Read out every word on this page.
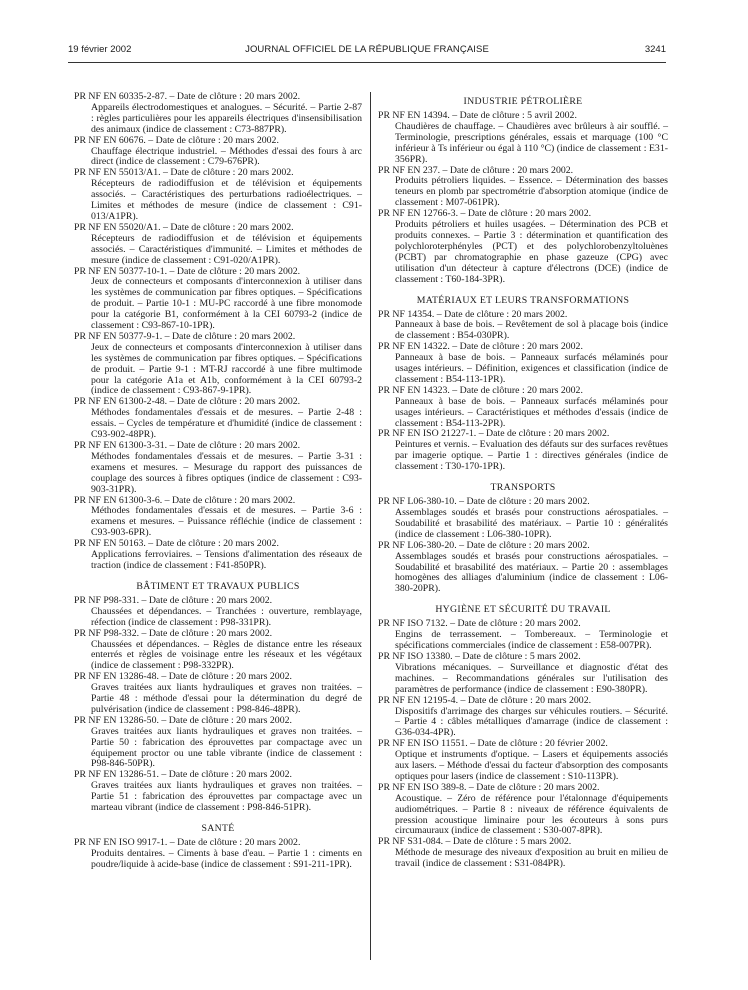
19 février 2002	JOURNAL OFFICIEL DE LA RÉPUBLIQUE FRANÇAISE	3241
PR NF EN 60335-2-87. – Date de clôture : 20 mars 2002.
Appareils électrodomestiques et analogues. – Sécurité. – Partie 2-87 : règles particulières pour les appareils électriques d'insensibilisation des animaux (indice de classement : C73-887PR).
PR NF EN 60676. – Date de clôture : 20 mars 2002.
Chauffage électrique industriel. – Méthodes d'essai des fours à arc direct (indice de classement : C79-676PR).
PR NF EN 55013/A1. – Date de clôture : 20 mars 2002.
Récepteurs de radiodiffusion et de télévision et équipements associés. – Caractéristiques des perturbations radioélectriques. – Limites et méthodes de mesure (indice de classement : C91-013/A1PR).
PR NF EN 55020/A1. – Date de clôture : 20 mars 2002.
Récepteurs de radiodiffusion et de télévision et équipements associés. – Caractéristiques d'immunité. – Limites et méthodes de mesure (indice de classement : C91-020/A1PR).
PR NF EN 50377-10-1. – Date de clôture : 20 mars 2002.
Jeux de connecteurs et composants d'interconnexion à utiliser dans les systèmes de communication par fibres optiques. – Spécifications de produit. – Partie 10-1 : MU-PC raccordé à une fibre monomode pour la catégorie B1, conformément à la CEI 60793-2 (indice de classement : C93-867-10-1PR).
PR NF EN 50377-9-1. – Date de clôture : 20 mars 2002.
Jeux de connecteurs et composants d'interconnexion à utiliser dans les systèmes de communication par fibres optiques. – Spécifications de produit. – Partie 9-1 : MT-RJ raccordé à une fibre multimode pour la catégorie A1a et A1b, conformément à la CEI 60793-2 (indice de classement : C93-867-9-1PR).
PR NF EN 61300-2-48. – Date de clôture : 20 mars 2002.
Méthodes fondamentales d'essais et de mesures. – Partie 2-48 : essais. – Cycles de température et d'humidité (indice de classement : C93-902-48PR).
PR NF EN 61300-3-31. – Date de clôture : 20 mars 2002.
Méthodes fondamentales d'essais et de mesures. – Partie 3-31 : examens et mesures. – Mesurage du rapport des puissances de couplage des sources à fibres optiques (indice de classement : C93-903-31PR).
PR NF EN 61300-3-6. – Date de clôture : 20 mars 2002.
Méthodes fondamentales d'essais et de mesures. – Partie 3-6 : examens et mesures. – Puissance réfléchie (indice de classement : C93-903-6PR).
PR NF EN 50163. – Date de clôture : 20 mars 2002.
Applications ferroviaires. – Tensions d'alimentation des réseaux de traction (indice de classement : F41-850PR).
BÂTIMENT ET TRAVAUX PUBLICS
PR NF P98-331. – Date de clôture : 20 mars 2002.
Chaussées et dépendances. – Tranchées : ouverture, remblayage, réfection (indice de classement : P98-331PR).
PR NF P98-332. – Date de clôture : 20 mars 2002.
Chaussées et dépendances. – Règles de distance entre les réseaux enterrés et règles de voisinage entre les réseaux et les végétaux (indice de classement : P98-332PR).
PR NF EN 13286-48. – Date de clôture : 20 mars 2002.
Graves traitées aux liants hydrauliques et graves non traitées. – Partie 48 : méthode d'essai pour la détermination du degré de pulvérisation (indice de classement : P98-846-48PR).
PR NF EN 13286-50. – Date de clôture : 20 mars 2002.
Graves traitées aux liants hydrauliques et graves non traitées. – Partie 50 : fabrication des éprouvettes par compactage avec un équipement proctor ou une table vibrante (indice de classement : P98-846-50PR).
PR NF EN 13286-51. – Date de clôture : 20 mars 2002.
Graves traitées aux liants hydrauliques et graves non traitées. – Partie 51 : fabrication des éprouvettes par compactage avec un marteau vibrant (indice de classement : P98-846-51PR).
SANTÉ
PR NF EN ISO 9917-1. – Date de clôture : 20 mars 2002.
Produits dentaires. – Ciments à base d'eau. – Partie 1 : ciments en poudre/liquide à acide-base (indice de classement : S91-211-1PR).
INDUSTRIE PÉTROLIÈRE
PR NF EN 14394. – Date de clôture : 5 avril 2002.
Chaudières de chauffage. – Chaudières avec brûleurs à air soufflé. – Terminologie, prescriptions générales, essais et marquage (100 °C inférieur à Ts inférieur ou égal à 110 °C) (indice de classement : E31-356PR).
PR NF EN 237. – Date de clôture : 20 mars 2002.
Produits pétroliers liquides. – Essence. – Détermination des basses teneurs en plomb par spectrométrie d'absorption atomique (indice de classement : M07-061PR).
PR NF EN 12766-3. – Date de clôture : 20 mars 2002.
Produits pétroliers et huiles usagées. – Détermination des PCB et produits connexes. – Partie 3 : détermination et quantification des polychloroterphényles (PCT) et des polychlorobenzyltoluènes (PCBT) par chromatographie en phase gazeuze (CPG) avec utilisation d'un détecteur à capture d'électrons (DCE) (indice de classement : T60-184-3PR).
MATÉRIAUX ET LEURS TRANSFORMATIONS
PR NF 14354. – Date de clôture : 20 mars 2002.
Panneaux à base de bois. – Revêtement de sol à placage bois (indice de classement : B54-030PR).
PR NF EN 14322. – Date de clôture : 20 mars 2002.
Panneaux à base de bois. – Panneaux surfacés mélaminés pour usages intérieurs. – Définition, exigences et classification (indice de classement : B54-113-1PR).
PR NF EN 14323. – Date de clôture : 20 mars 2002.
Panneaux à base de bois. – Panneaux surfacés mélaminés pour usages intérieurs. – Caractéristiques et méthodes d'essais (indice de classement : B54-113-2PR).
PR NF EN ISO 21227-1. – Date de clôture : 20 mars 2002.
Peintures et vernis. – Evaluation des défauts sur des surfaces revêtues par imagerie optique. – Partie 1 : directives générales (indice de classement : T30-170-1PR).
TRANSPORTS
PR NF L06-380-10. – Date de clôture : 20 mars 2002.
Assemblages soudés et brasés pour constructions aérospatiales. – Soudabilité et brasabilité des matériaux. – Partie 10 : généralités (indice de classement : L06-380-10PR).
PR NF L06-380-20. – Date de clôture : 20 mars 2002.
Assemblages soudés et brasés pour constructions aérospatiales. – Soudabilité et brasabilité des matériaux. – Partie 20 : assemblages homogènes des alliages d'aluminium (indice de classement : L06-380-20PR).
HYGIÈNE ET SÉCURITÉ DU TRAVAIL
PR NF ISO 7132. – Date de clôture : 20 mars 2002.
Engins de terrassement. – Tombereaux. – Terminologie et spécifications commerciales (indice de classement : E58-007PR).
PR NF ISO 13380. – Date de clôture : 5 mars 2002.
Vibrations mécaniques. – Surveillance et diagnostic d'état des machines. – Recommandations générales sur l'utilisation des paramètres de performance (indice de classement : E90-380PR).
PR NF EN 12195-4. – Date de clôture : 20 mars 2002.
Dispositifs d'arrimage des charges sur véhicules routiers. – Sécurité. – Partie 4 : câbles métalliques d'amarrage (indice de classement : G36-034-4PR).
PR NF EN ISO 11551. – Date de clôture : 20 février 2002.
Optique et instruments d'optique. – Lasers et équipements associés aux lasers. – Méthode d'essai du facteur d'absorption des composants optiques pour lasers (indice de classement : S10-113PR).
PR NF EN ISO 389-8. – Date de clôture : 20 mars 2002.
Acoustique. – Zéro de référence pour l'étalonnage d'équipements audiométriques. – Partie 8 : niveaux de référence équivalents de pression acoustique liminaire pour les écouteurs à sons purs circumauraux (indice de classement : S30-007-8PR).
PR NF S31-084. – Date de clôture : 5 mars 2002.
Méthode de mesurage des niveaux d'exposition au bruit en milieu de travail (indice de classement : S31-084PR).
